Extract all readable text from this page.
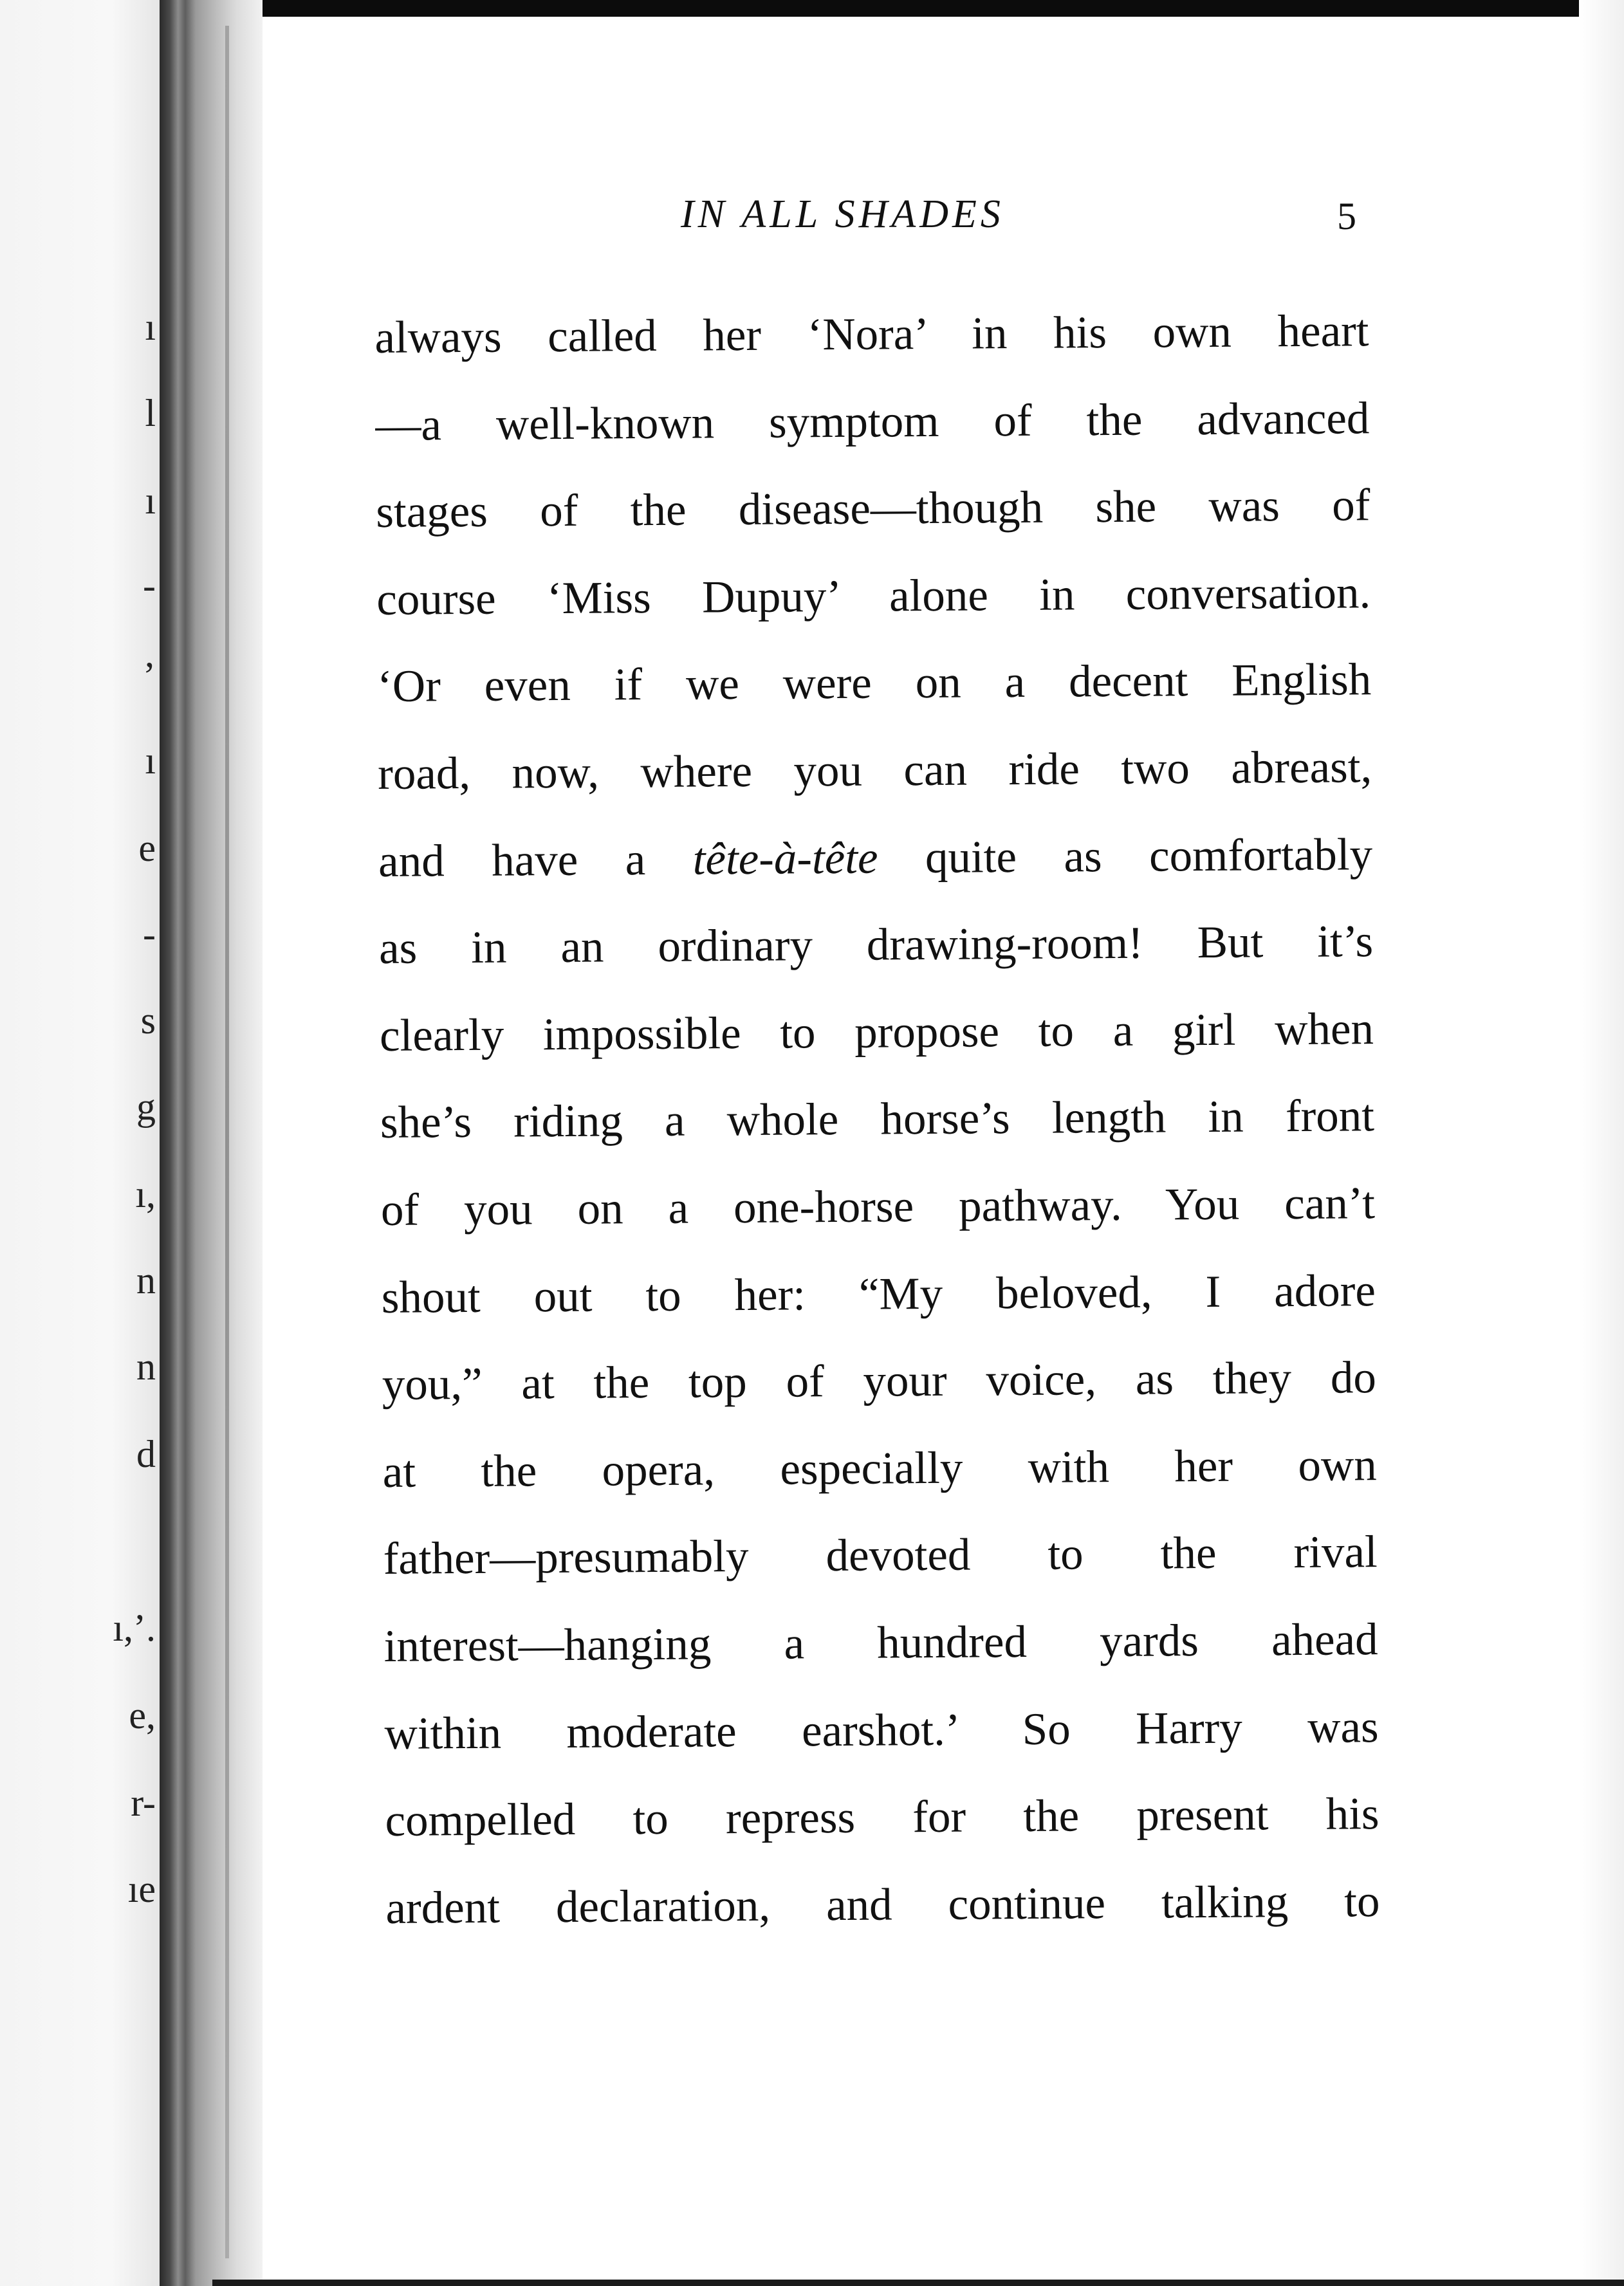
ı
l
ı
-
’
ı
e
-
s
g
ı,
n
n
d
ı,’.
e,
r-
ıe
IN ALL SHADES	5
always called her ‘Nora’ in his own heart
—a well-known symptom of the advanced
stages of the disease—though she was of
course ‘Miss Dupuy’ alone in conversation.
‘Or even if we were on a decent English
road, now, where you can ride two abreast,
and have a tête-à-tête quite as comfortably
as in an ordinary drawing-room! But it’s
clearly impossible to propose to a girl when
she’s riding a whole horse’s length in front
of you on a one-horse pathway. You can’t
shout out to her: “My beloved, I adore
you,” at the top of your voice, as they do
at the opera, especially with her own
father—presumably devoted to the rival
interest—hanging a hundred yards ahead
within moderate earshot.’ So Harry was
compelled to repress for the present his
ardent declaration, and continue talking to
